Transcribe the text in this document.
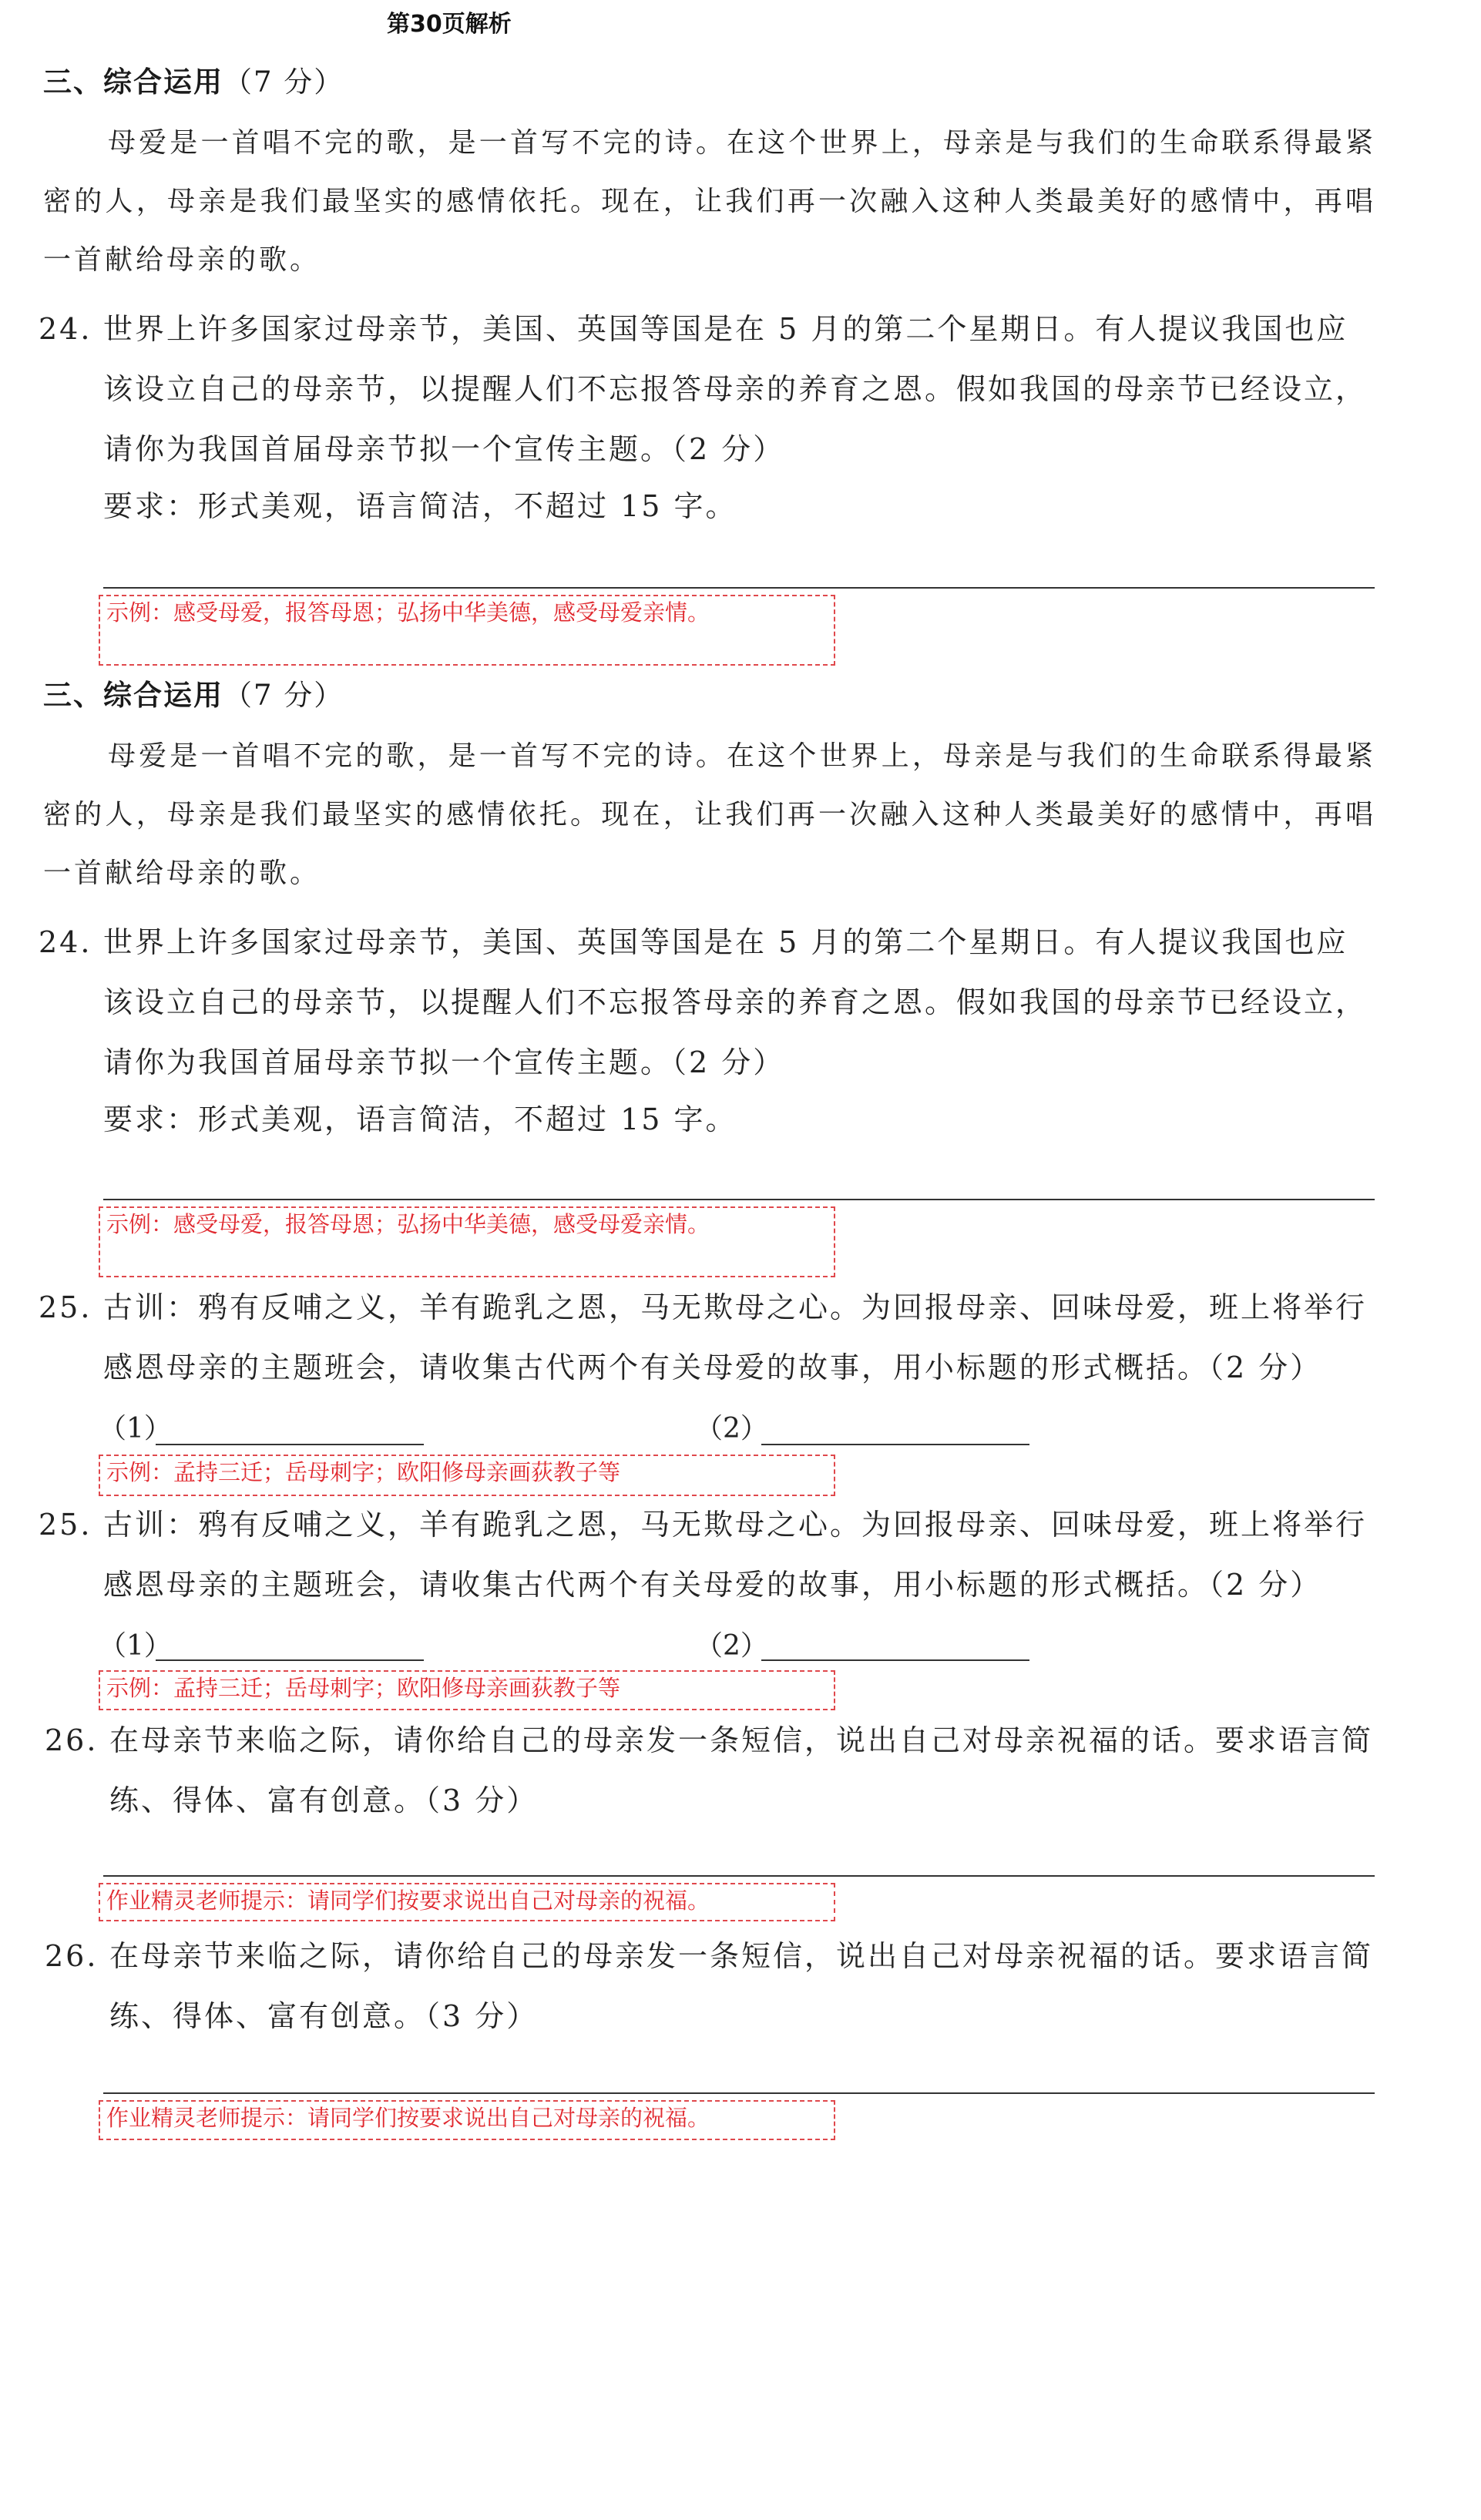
第30页解析
三、综合运用（7 分）

母爱是一首唱不完的歌，是一首写不完的诗。在这个世界上，母亲是与我们的生命联系得最紧密的人，母亲是我们最坚实的感情依托。现在，让我们再一次融入这种人类最美好的感情中，再唱一首献给母亲的歌。

24. 世界上许多国家过母亲节，美国、英国等国是在 5 月的第二个星期日。有人提议我国也应该设立自己的母亲节，以提醒人们不忘报答母亲的养育之恩。假如我国的母亲节已经设立，请你为我国首届母亲节拟一个宣传主题。（2 分）
要求：形式美观，语言简洁，不超过 15 字。
示例：感受母爱，报答母恩；弘扬中华美德，感受母爱亲情。
三、综合运用（7 分）

母爱是一首唱不完的歌，是一首写不完的诗。在这个世界上，母亲是与我们的生命联系得最紧密的人，母亲是我们最坚实的感情依托。现在，让我们再一次融入这种人类最美好的感情中，再唱一首献给母亲的歌。

24. 世界上许多国家过母亲节，美国、英国等国是在 5 月的第二个星期日。有人提议我国也应该设立自己的母亲节，以提醒人们不忘报答母亲的养育之恩。假如我国的母亲节已经设立，请你为我国首届母亲节拟一个宣传主题。（2 分）
要求：形式美观，语言简洁，不超过 15 字。
示例：感受母爱，报答母恩；弘扬中华美德，感受母爱亲情。
25. 古训：鸦有反哺之义，羊有跪乳之恩，马无欺母之心。为回报母亲、回味母爱，班上将举行感恩母亲的主题班会，请收集古代两个有关母爱的故事，用小标题的形式概括。（2 分）
（1）	（2）
示例：孟持三迁；岳母刺字；欧阳修母亲画荻教子等
25. 古训：鸦有反哺之义，羊有跪乳之恩，马无欺母之心。为回报母亲、回味母爱，班上将举行感恩母亲的主题班会，请收集古代两个有关母爱的故事，用小标题的形式概括。（2 分）
（1）	（2）
示例：孟持三迁；岳母刺字；欧阳修母亲画荻教子等
26. 在母亲节来临之际，请你给自己的母亲发一条短信，说出自己对母亲祝福的话。要求语言简练、得体、富有创意。（3 分）
作业精灵老师提示：请同学们按要求说出自己对母亲的祝福。
26. 在母亲节来临之际，请你给自己的母亲发一条短信，说出自己对母亲祝福的话。要求语言简练、得体、富有创意。（3 分）
作业精灵老师提示：请同学们按要求说出自己对母亲的祝福。
